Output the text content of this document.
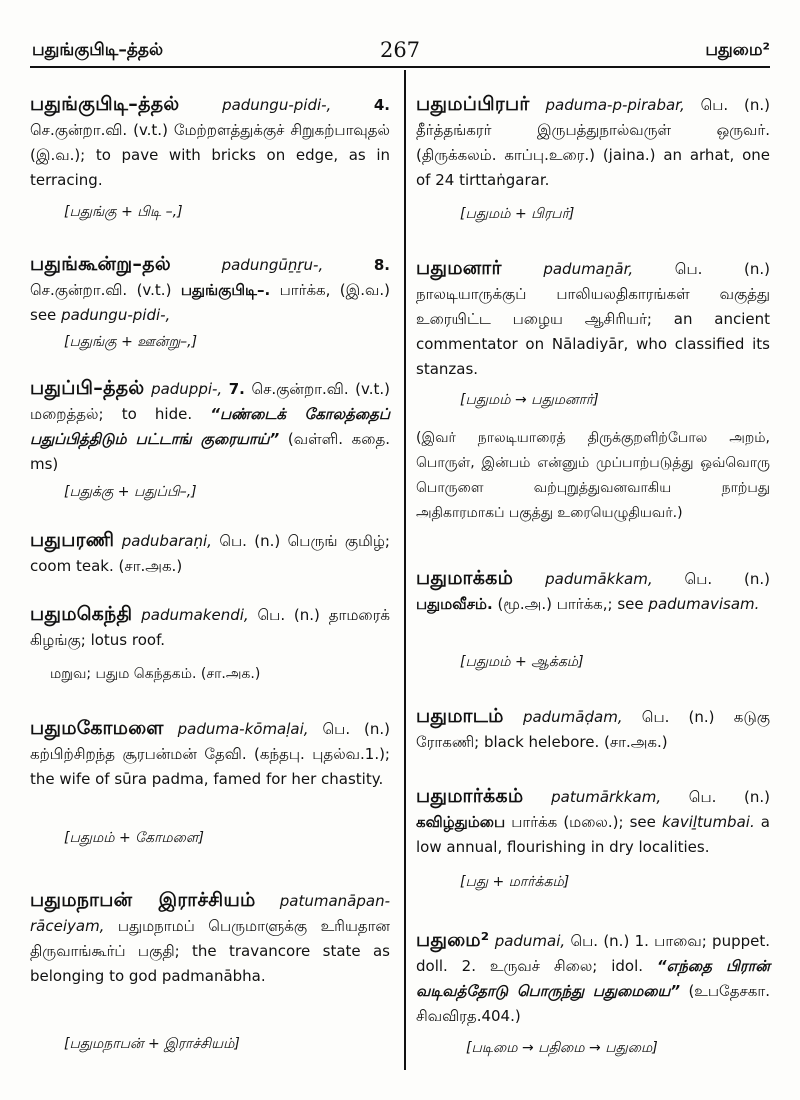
பதுங்குபிடி–த்தல்	267	பதுமை²
பதுங்குபிடி–த்தல்	padungu-pidi-,	4. செ.குன்றா.வி. (v.t.) மேற்றளத்துக்குச் சிறுகற்பாவுதல் (இ.வ.); to pave with bricks on edge, as in terracing.
[பதுங்கு + பிடி –,]
பதுங்கூன்று–தல்	padungūṉṟu-,	8. செ.குன்றா.வி. (v.t.) பதுங்குபிடி–. பார்க்க, (இ.வ.) see padungu-pidi-,
[பதுங்கு + ஊன்று–,]
பதுப்பி–த்தல் paduppi-, 7. செ.குன்றா.வி. (v.t.) மறைத்தல்; to hide. “பண்டைக் கோலத்தைப் பதுப்பித்திடும் பட்டாங் குரையாய்” (வள்ளி. கதை. ms)
[பதுக்கு + பதுப்பி–,]
பதுபரணி padubaraṇi, பெ. (n.) பெருங் குமிழ்; coom teak. (சா.அக.)
பதுமகெந்தி padumakendi, பெ. (n.) தாமரைக் கிழங்கு; lotus roof.
மறுவ; பதும கெந்தகம். (சா.அக.)
பதுமகோமளை paduma-kōmaḷai, பெ. (n.) கற்பிற்சிறந்த சூரபன்மன் தேவி. (கந்தபு. புதல்வ.1.); the wife of sūra padma, famed for her chastity.
[பதுமம் + கோமளை]
பதுமநாபன் இராச்சியம் patumanāpan-rāceiyam, பதுமநாமப் பெருமாளுக்கு உரியதான திருவாங்கூர்ப் பகுதி; the travancore state as belonging to god padmanābha.
[பதுமநாபன் + இராச்சியம்]
பதுமப்பிரபர் paduma-p-pirabar, பெ. (n.) தீர்த்தங்கரர் இருபத்துநால்வருள் ஒருவர். (திருக்கலம். காப்பு.உரை.) (jaina.) an arhat, one of 24 tirttaṅgarar.
[பதுமம் + பிரபர்]
பதுமனார்	padumaṉār,	பெ. (n.) நாலடியாருக்குப் பாலியலதிகாரங்கள் வகுத்து உரையிட்ட பழைய ஆசிரியர்; an ancient commentator on Nāladiyār, who classified its stanzas.
[பதுமம் → பதுமனார்]
(இவர் நாலடியாரைத் திருக்குறளிற்போல அறம், பொருள், இன்பம் என்னும் முப்பாற்படுத்து ஒவ்வொரு பொருளை வற்புறுத்துவனவாகிய நாற்பது அதிகாரமாகப் பகுத்து உரையெழுதியவர்.)
பதுமாக்கம் padumākkam, பெ. (n.) பதுமவீசம். (மூ.அ.) பார்க்க,; see padumavisam.
[பதுமம் + ஆக்கம்]
பதுமாடம் padumāḍam, பெ. (n.) கடுகு ரோகணி; black helebore. (சா.அக.)
பதுமார்க்கம் patumārkkam, பெ. (n.) கவிழ்தும்பை பார்க்க (மலை.); see kaviḻtumbai. a low annual, flourishing in dry localities.
[பது + மார்க்கம்]
பதுமை² padumai, பெ. (n.) 1. பாவை; puppet. doll. 2. உருவச் சிலை; idol. “எந்தை பிரான் வடிவத்தோடு பொருந்து பதுமையை” (உபதேசகா. சிவவிரத.404.)
[படிமை → பதிமை → பதுமை]
